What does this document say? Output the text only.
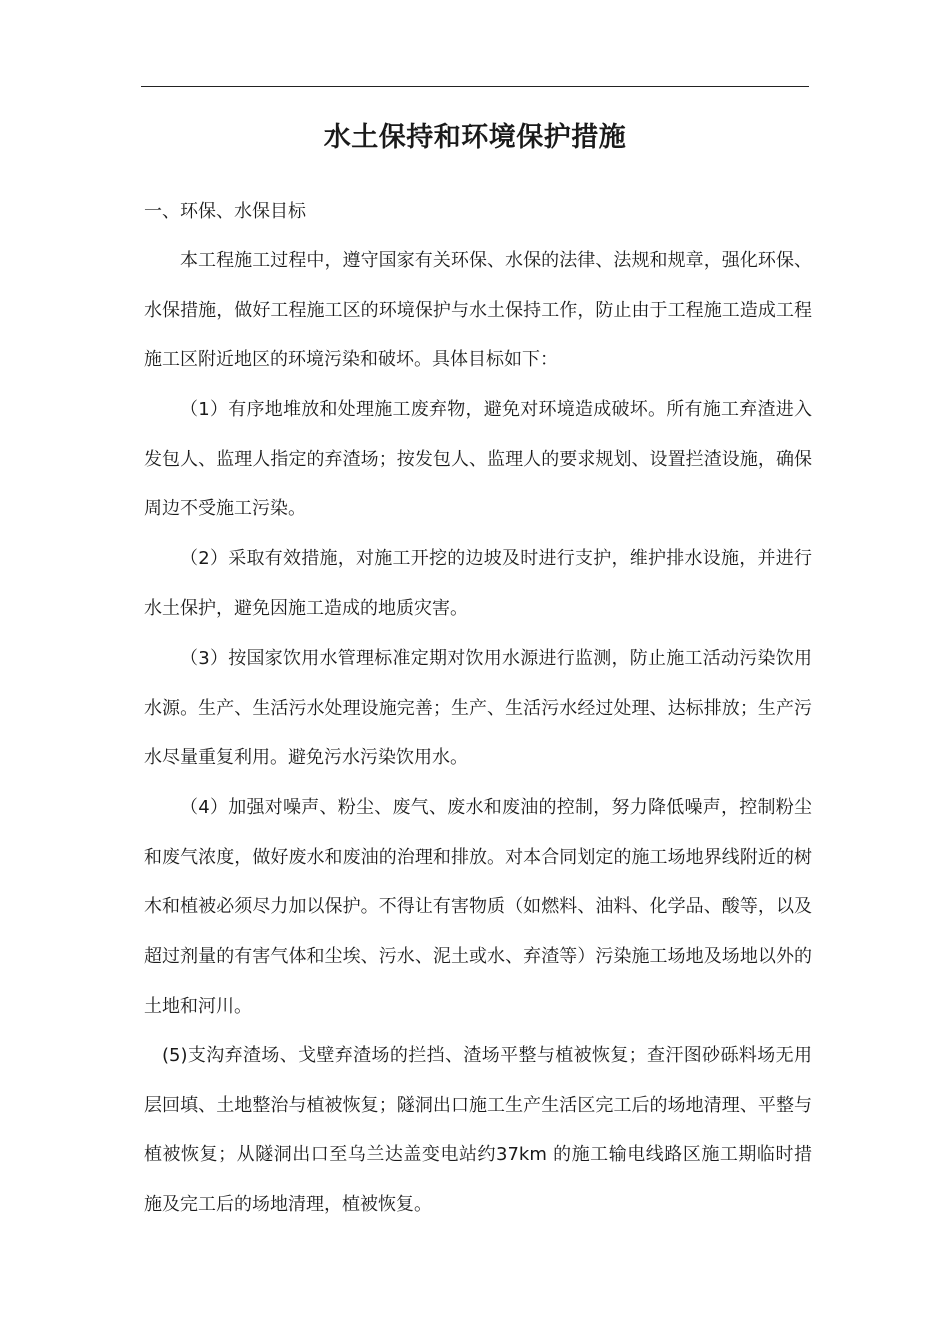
水土保持和环境保护措施

一、环保、水保目标

本工程施工过程中，遵守国家有关环保、水保的法律、法规和规章，强化环保、水保措施，做好工程施工区的环境保护与水土保持工作，防止由于工程施工造成工程施工区附近地区的环境污染和破坏。具体目标如下：

（1）有序地堆放和处理施工废弃物，避免对环境造成破坏。所有施工弃渣进入发包人、监理人指定的弃渣场；按发包人、监理人的要求规划、设置拦渣设施，确保周边不受施工污染。

（2）采取有效措施，对施工开挖的边坡及时进行支护，维护排水设施，并进行水土保护，避免因施工造成的地质灾害。

（3）按国家饮用水管理标准定期对饮用水源进行监测，防止施工活动污染饮用水源。生产、生活污水处理设施完善；生产、生活污水经过处理、达标排放；生产污水尽量重复利用。避免污水污染饮用水。

（4）加强对噪声、粉尘、废气、废水和废油的控制，努力降低噪声，控制粉尘和废气浓度，做好废水和废油的治理和排放。对本合同划定的施工场地界线附近的树木和植被必须尽力加以保护。不得让有害物质（如燃料、油料、化学品、酸等，以及超过剂量的有害气体和尘埃、污水、泥土或水、弃渣等）污染施工场地及场地以外的土地和河川。

(5)支沟弃渣场、戈壁弃渣场的拦挡、渣场平整与植被恢复；查汗图砂砾料场无用层回填、土地整治与植被恢复；隧洞出口施工生产生活区完工后的场地清理、平整与植被恢复；从隧洞出口至乌兰达盖变电站约37km 的施工输电线路区施工期临时措施及完工后的场地清理，植被恢复。
